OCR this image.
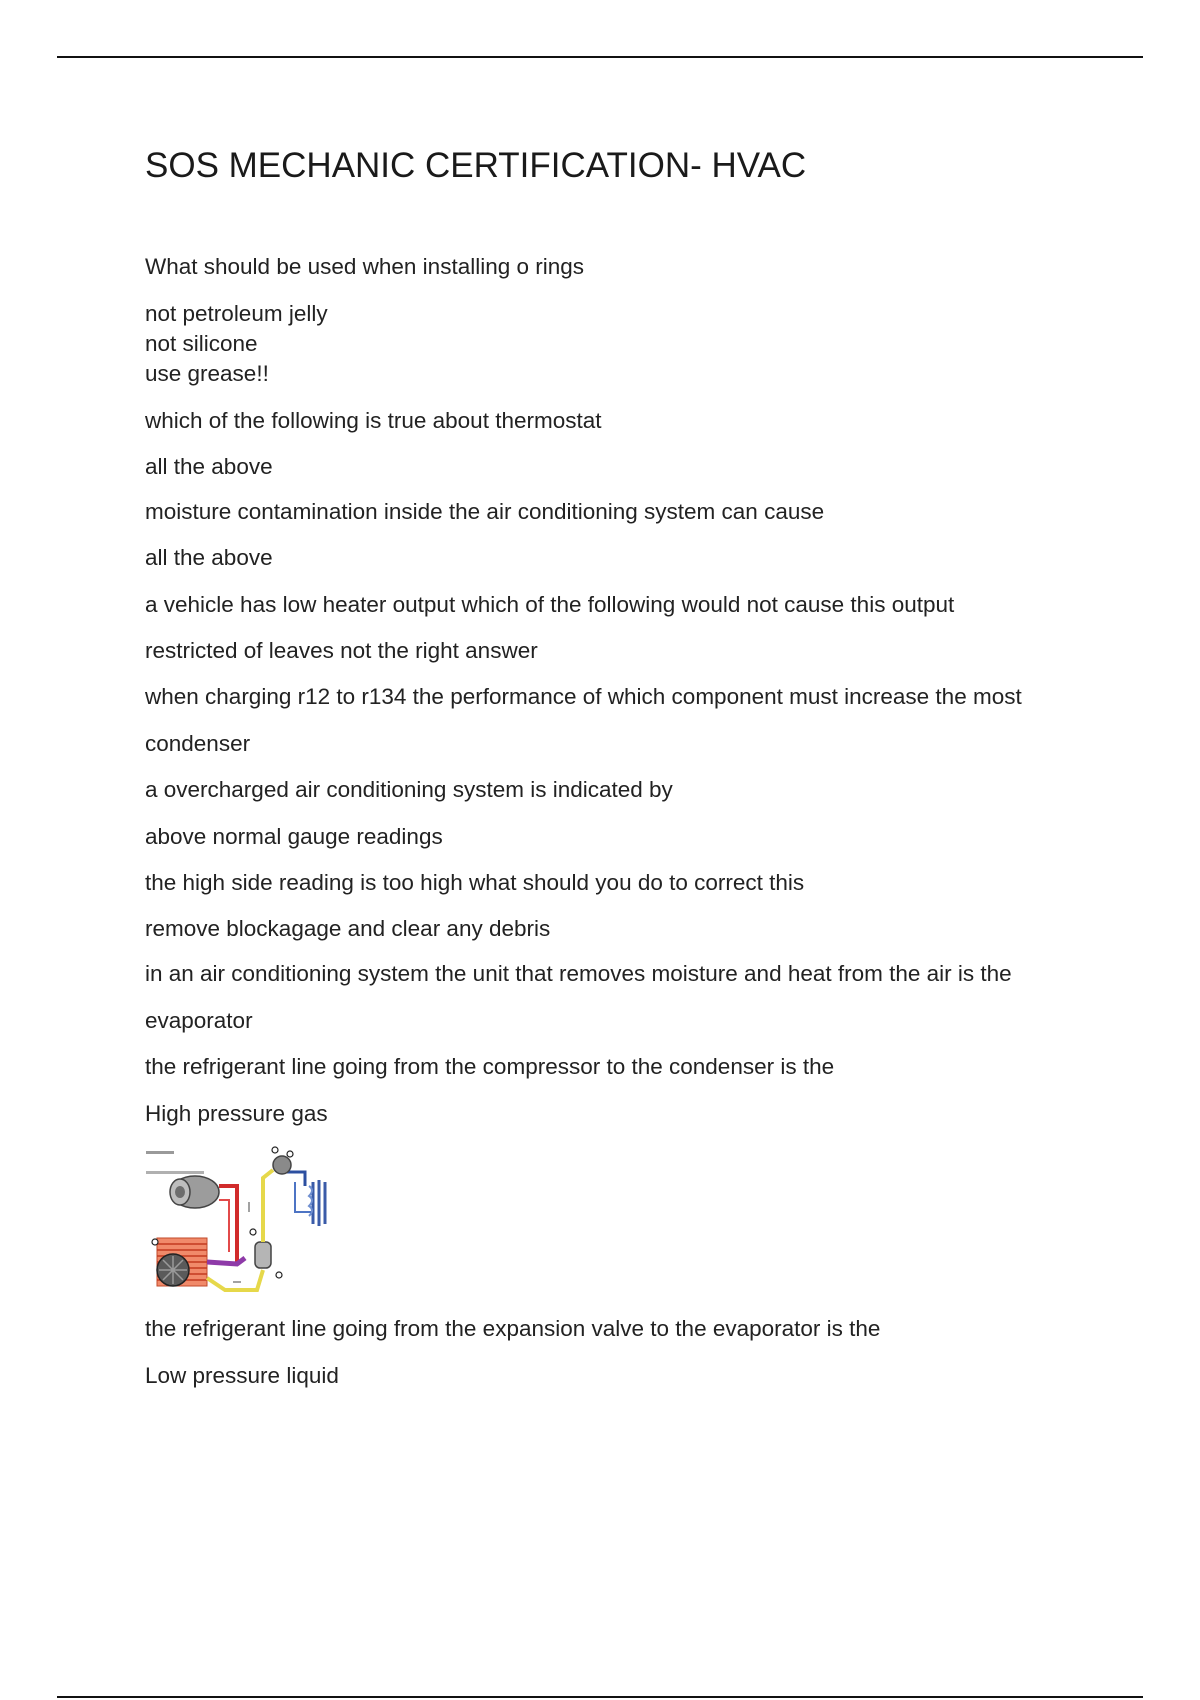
SOS MECHANIC CERTIFICATION- HVAC
What should be used when installing o rings
not petroleum jelly
not silicone
use grease!!
which of the following is true about thermostat
all the above
moisture contamination inside the air conditioning system can cause
all the above
a vehicle has low heater output which of the following would not cause this output
restricted of leaves not the right answer
when charging r12 to r134 the performance of which component must increase the most
condenser
a overcharged air conditioning system is indicated by
above normal gauge readings
the high side reading is too high what should you do to correct this
remove blockagage and clear any debris
in an air conditioning system the unit that removes moisture and heat from the air is the
evaporator
the refrigerant line going from the compressor to the condenser is the
High pressure gas
the refrigerant line going from the expansion valve to the evaporator is the
Low pressure liquid
